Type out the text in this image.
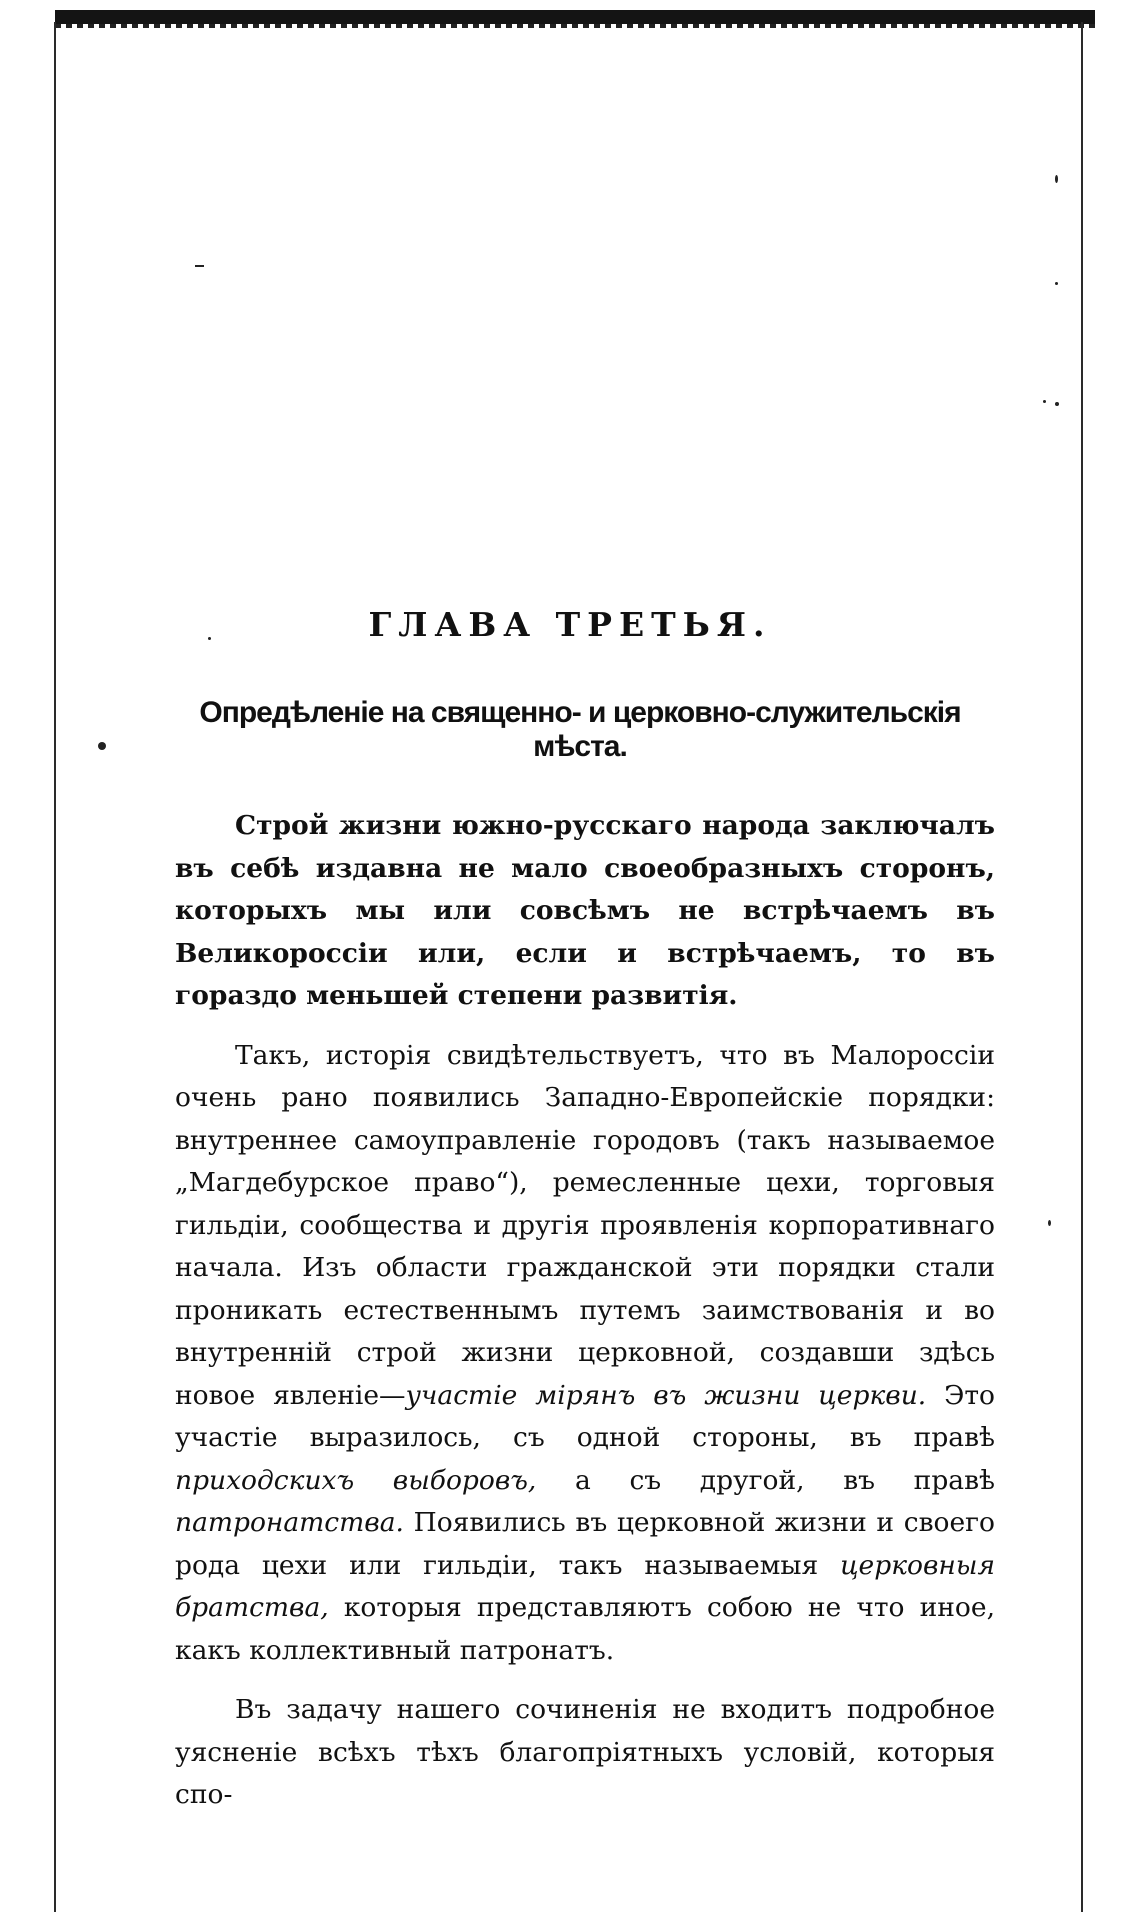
ГЛАВА ТРЕТЬЯ.
Опредѣленіе на священно- и церковно-служительскія мѣста.

Строй жизни южно-русскаго народа заключалъ въ себѣ издавна не мало своеобразныхъ сторонъ, которыхъ мы или совсѣмъ не встрѣчаемъ въ Великороссіи или, если и встрѣчаемъ, то въ гораздо меньшей степени развитія.

Такъ, исторія свидѣтельствуетъ, что въ Малороссіи очень рано появились Западно-Европейскіе порядки: внутреннее самоуправленіе городовъ (такъ называемое „Магдебурское право“), ремесленные цехи, торговыя гильдіи, сообщества и другія проявленія корпоративнаго начала. Изъ области гражданской эти порядки стали проникать естественнымъ путемъ заимствованія и во внутренній строй жизни церковной, создавши здѣсь новое явленіе—участіе мірянъ въ жизни церкви. Это участіе выразилось, съ одной стороны, въ правѣ приходскихъ выборовъ, а съ другой, въ правѣ патронатства. Появились въ церковной жизни и своего рода цехи или гильдіи, такъ называемыя церковныя братства, которыя представляютъ собою не что иное, какъ коллективный патронатъ.

Въ задачу нашего сочиненія не входитъ подробное уясненіе всѣхъ тѣхъ благопріятныхъ условій, которыя спо-
